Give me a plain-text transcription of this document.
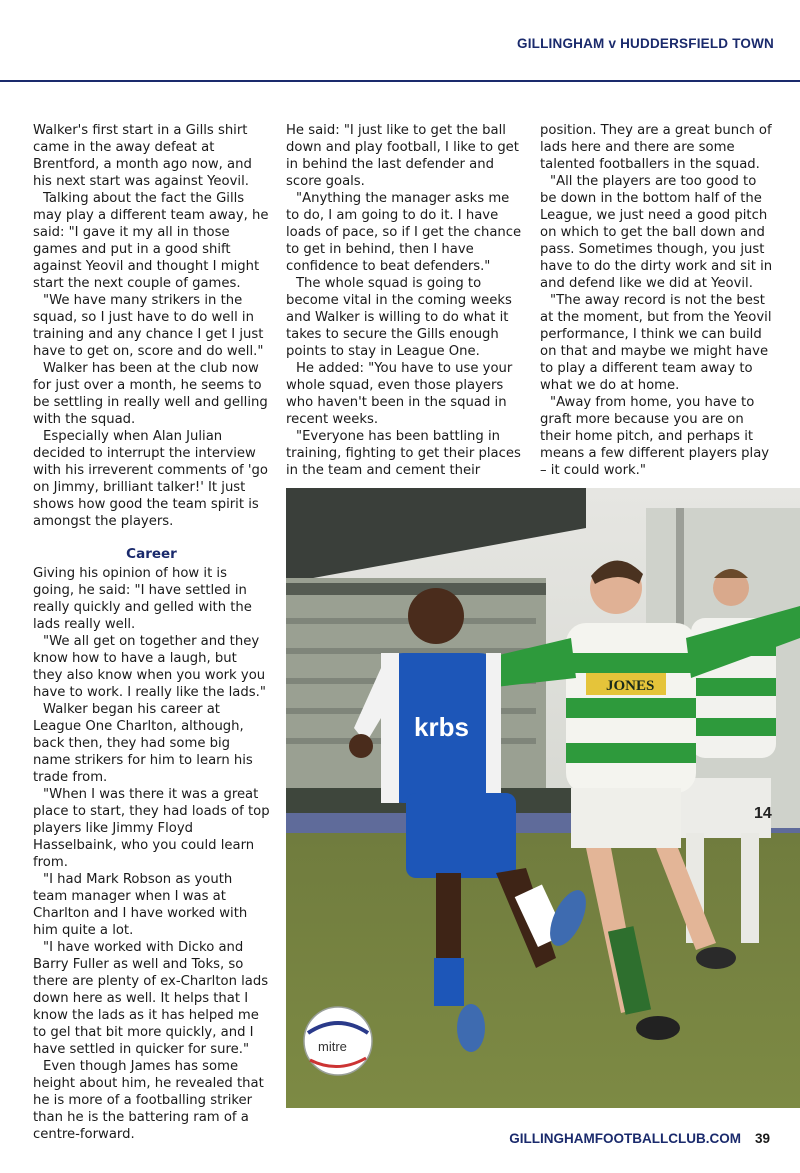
GILLINGHAM v HUDDERSFIELD TOWN

Walker's first start in a Gills shirt came in the away defeat at Brentford, a month ago now, and his next start was against Yeovil.

Talking about the fact the Gills may play a different team away, he said: "I gave it my all in those games and put in a good shift against Yeovil and thought I might start the next couple of games.

"We have many strikers in the squad, so I just have to do well in training and any chance I get I just have to get on, score and do well."

Walker has been at the club now for just over a month, he seems to be settling in really well and gelling with the squad.

Especially when Alan Julian decided to interrupt the interview with his irreverent comments of 'go on Jimmy, brilliant talker!' It just shows how good the team spirit is amongst the players.

Career

Giving his opinion of how it is going, he said: "I have settled in really quickly and gelled with the lads really well.

"We all get on together and they know how to have a laugh, but they also know when you work you have to work. I really like the lads."

Walker began his career at League One Charlton, although, back then, they had some big name strikers for him to learn his trade from.

"When I was there it was a great place to start, they had loads of top players like Jimmy Floyd Hasselbaink, who you could learn from.

"I had Mark Robson as youth team manager when I was at Charlton and I have worked with him quite a lot.

"I have worked with Dicko and Barry Fuller as well and Toks, so there are plenty of ex-Charlton lads down here as well. It helps that I know the lads as it has helped me to gel that bit more quickly, and I have settled in quicker for sure."

Even though James has some height about him, he revealed that he is more of a footballing striker than he is the battering ram of a centre-forward.

He said: "I just like to get the ball down and play football, I like to get in behind the last defender and score goals.

"Anything the manager asks me to do, I am going to do it. I have loads of pace, so if I get the chance to get in behind, then I have confidence to beat defenders."

The whole squad is going to become vital in the coming weeks and Walker is willing to do what it takes to secure the Gills enough points to stay in League One.

He added: "You have to use your whole squad, even those players who haven't been in the squad in recent weeks.

"Everyone has been battling in training, fighting to get their places in the team and cement their

position. They are a great bunch of lads here and there are some talented footballers in the squad.

"All the players are too good to be down in the bottom half of the League, we just need a good pitch on which to get the ball down and pass. Sometimes though, you just have to do the dirty work and sit in and defend like we did at Yeovil.

"The away record is not the best at the moment, but from the Yeovil performance, I think we can build on that and maybe we might have to play a different team away to what we do at home.

"Away from home, you have to graft more because you are on their home pitch, and perhaps it means a few different players play – it could work."

14
JONES
krbs
mitre
GILLINGHAMFOOTBALLCLUB.COM 39
